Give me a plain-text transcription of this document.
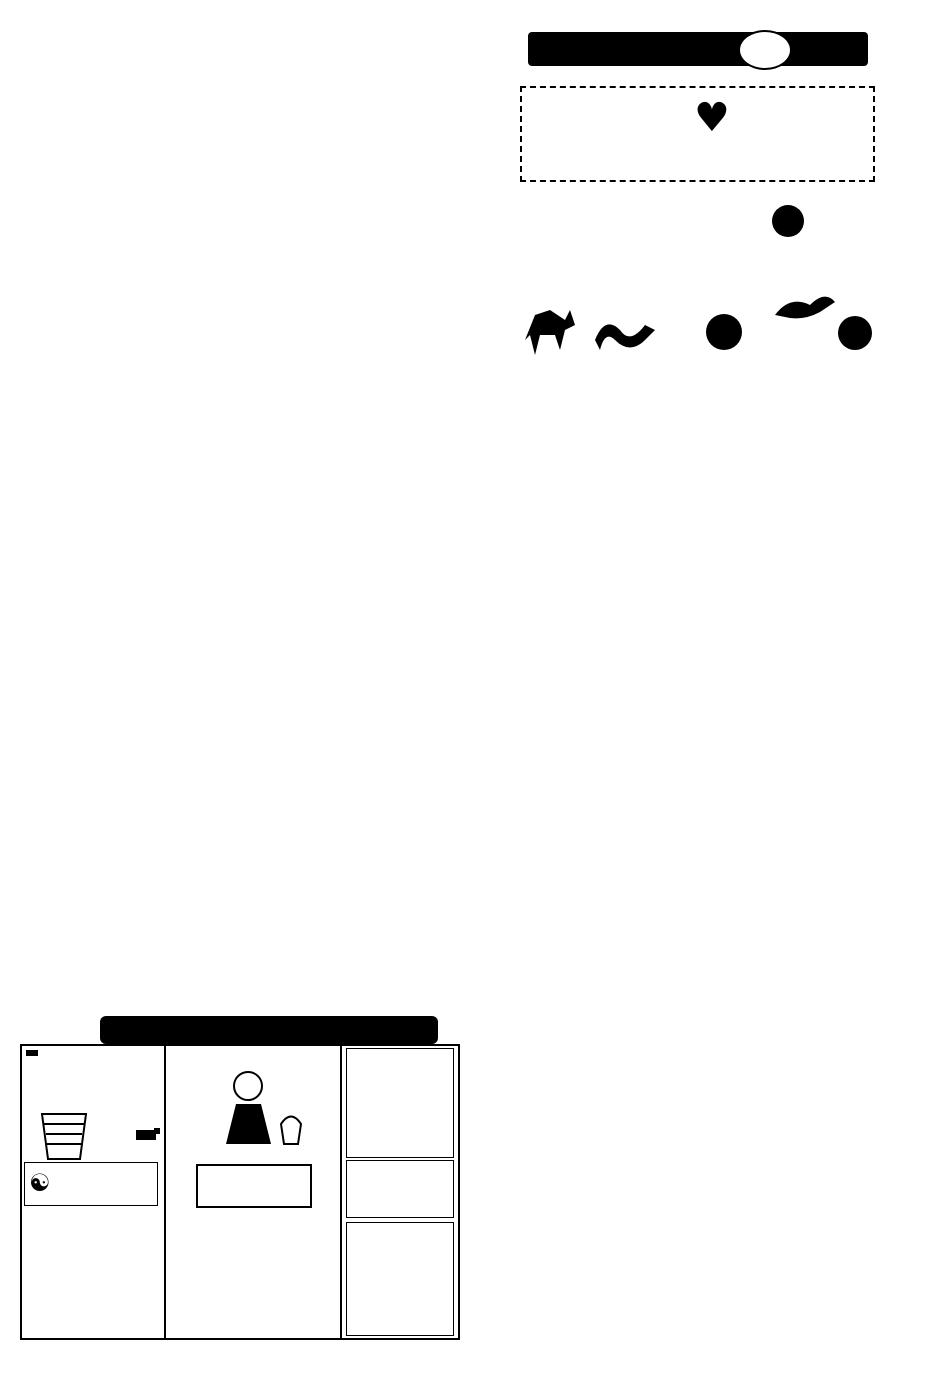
♥
☯
